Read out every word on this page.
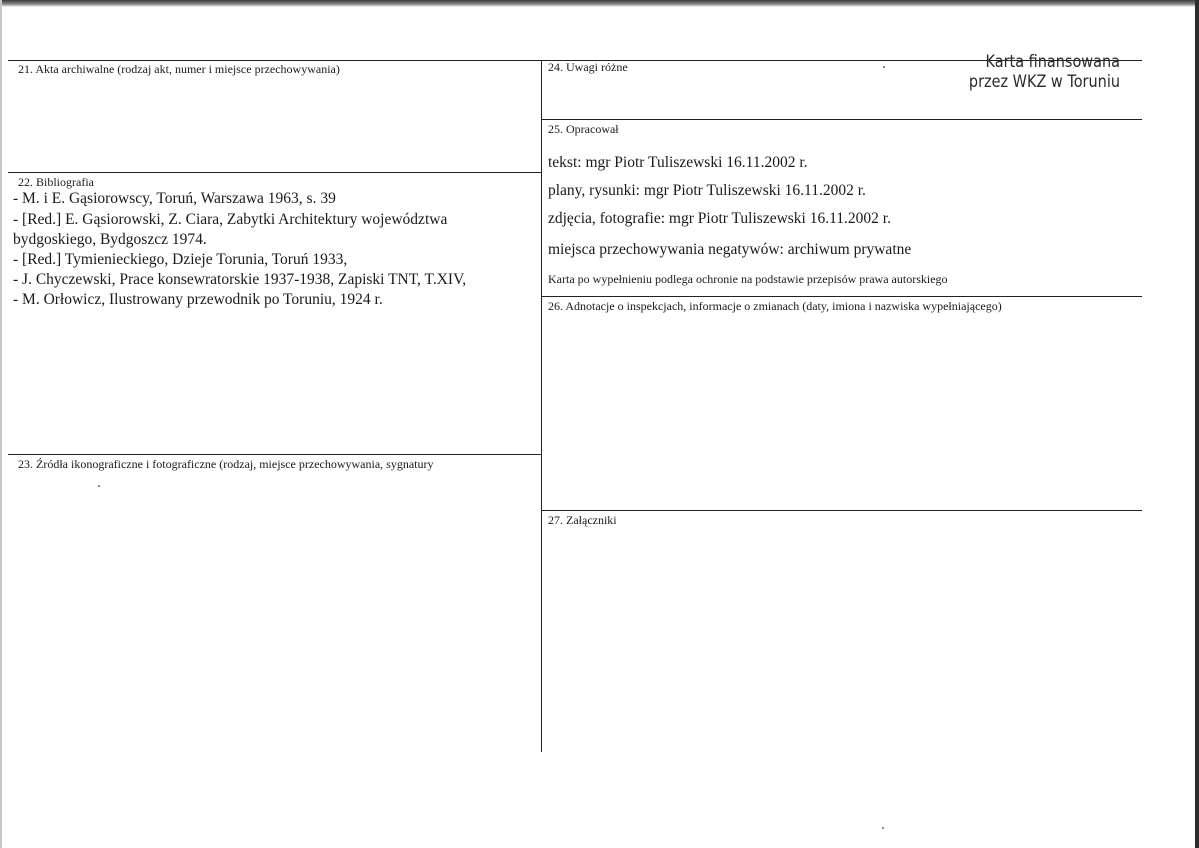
21. Akta archiwalne (rodzaj akt, numer i miejsce przechowywania)
22. Bibliografia
- M. i E. Gąsiorowscy, Toruń, Warszawa 1963, s. 39
- [Red.] E. Gąsiorowski, Z. Ciara, Zabytki Architektury województwa
bydgoskiego, Bydgoszcz 1974.
- [Red.] Tymienieckiego, Dzieje Torunia, Toruń 1933,
- J. Chyczewski, Prace konsewratorskie 1937-1938, Zapiski TNT, T.XIV,
- M. Orłowicz, Ilustrowany przewodnik po Toruniu, 1924 r.
23. Źródła ikonograficzne i fotograficzne (rodzaj, miejsce przechowywania, sygnatury
24. Uwagi różne	Karta finansowana
przez WKZ w Toruniu
25. Opracował
tekst: mgr Piotr Tuliszewski 16.11.2002 r.
plany, rysunki: mgr Piotr Tuliszewski 16.11.2002 r.
zdjęcia, fotografie: mgr Piotr Tuliszewski 16.11.2002 r.
miejsca przechowywania negatywów: archiwum prywatne
Karta po wypełnieniu podlega ochronie na podstawie przepisów prawa autorskiego
26. Adnotacje o inspekcjach, informacje o zmianach (daty, imiona i nazwiska wypełniającego)
27. Załączniki
